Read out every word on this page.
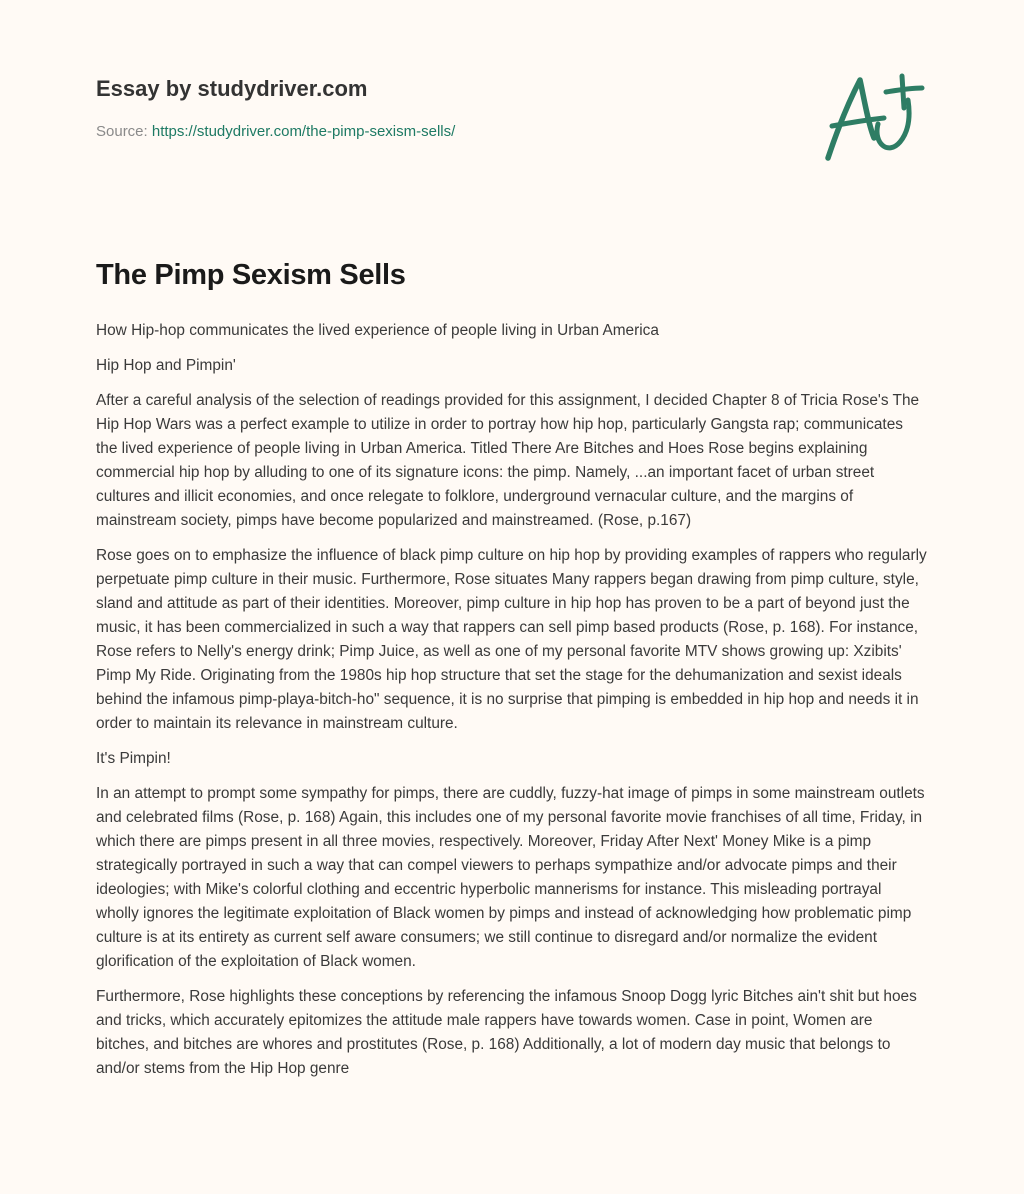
Essay by studydriver.com
Source: https://studydriver.com/the-pimp-sexism-sells/
The Pimp Sexism Sells

How Hip-hop communicates the lived experience of people living in Urban America

Hip Hop and Pimpin'

After a careful analysis of the selection of readings provided for this assignment, I decided Chapter 8 of Tricia Rose's The Hip Hop Wars was a perfect example to utilize in order to portray how hip hop, particularly Gangsta rap; communicates the lived experience of people living in Urban America. Titled There Are Bitches and Hoes Rose begins explaining commercial hip hop by alluding to one of its signature icons: the pimp. Namely, ...an important facet of urban street cultures and illicit economies, and once relegate to folklore, underground vernacular culture, and the margins of mainstream society, pimps have become popularized and mainstreamed. (Rose, p.167)

Rose goes on to emphasize the influence of black pimp culture on hip hop by providing examples of rappers who regularly perpetuate pimp culture in their music. Furthermore, Rose situates Many rappers began drawing from pimp culture, style, sland and attitude as part of their identities. Moreover, pimp culture in hip hop has proven to be a part of beyond just the music, it has been commercialized in such a way that rappers can sell pimp based products (Rose, p. 168). For instance, Rose refers to Nelly's energy drink; Pimp Juice, as well as one of my personal favorite MTV shows growing up: Xzibits' Pimp My Ride. Originating from the 1980s hip hop structure that set the stage for the dehumanization and sexist ideals behind the infamous pimp-playa-bitch-ho" sequence, it is no surprise that pimping is embedded in hip hop and needs it in order to maintain its relevance in mainstream culture.

It's Pimpin!

In an attempt to prompt some sympathy for pimps, there are cuddly, fuzzy-hat image of pimps in some mainstream outlets and celebrated films (Rose, p. 168) Again, this includes one of my personal favorite movie franchises of all time, Friday, in which there are pimps present in all three movies, respectively. Moreover, Friday After Next' Money Mike is a pimp strategically portrayed in such a way that can compel viewers to perhaps sympathize and/or advocate pimps and their ideologies; with Mike's colorful clothing and eccentric hyperbolic mannerisms for instance. This misleading portrayal wholly ignores the legitimate exploitation of Black women by pimps and instead of acknowledging how problematic pimp culture is at its entirety as current self aware consumers; we still continue to disregard and/or normalize the evident glorification of the exploitation of Black women.

Furthermore, Rose highlights these conceptions by referencing the infamous Snoop Dogg lyric Bitches ain't shit but hoes and tricks, which accurately epitomizes the attitude male rappers have towards women. Case in point, Women are bitches, and bitches are whores and prostitutes (Rose, p. 168) Additionally, a lot of modern day music that belongs to and/or stems from the Hip Hop genre
